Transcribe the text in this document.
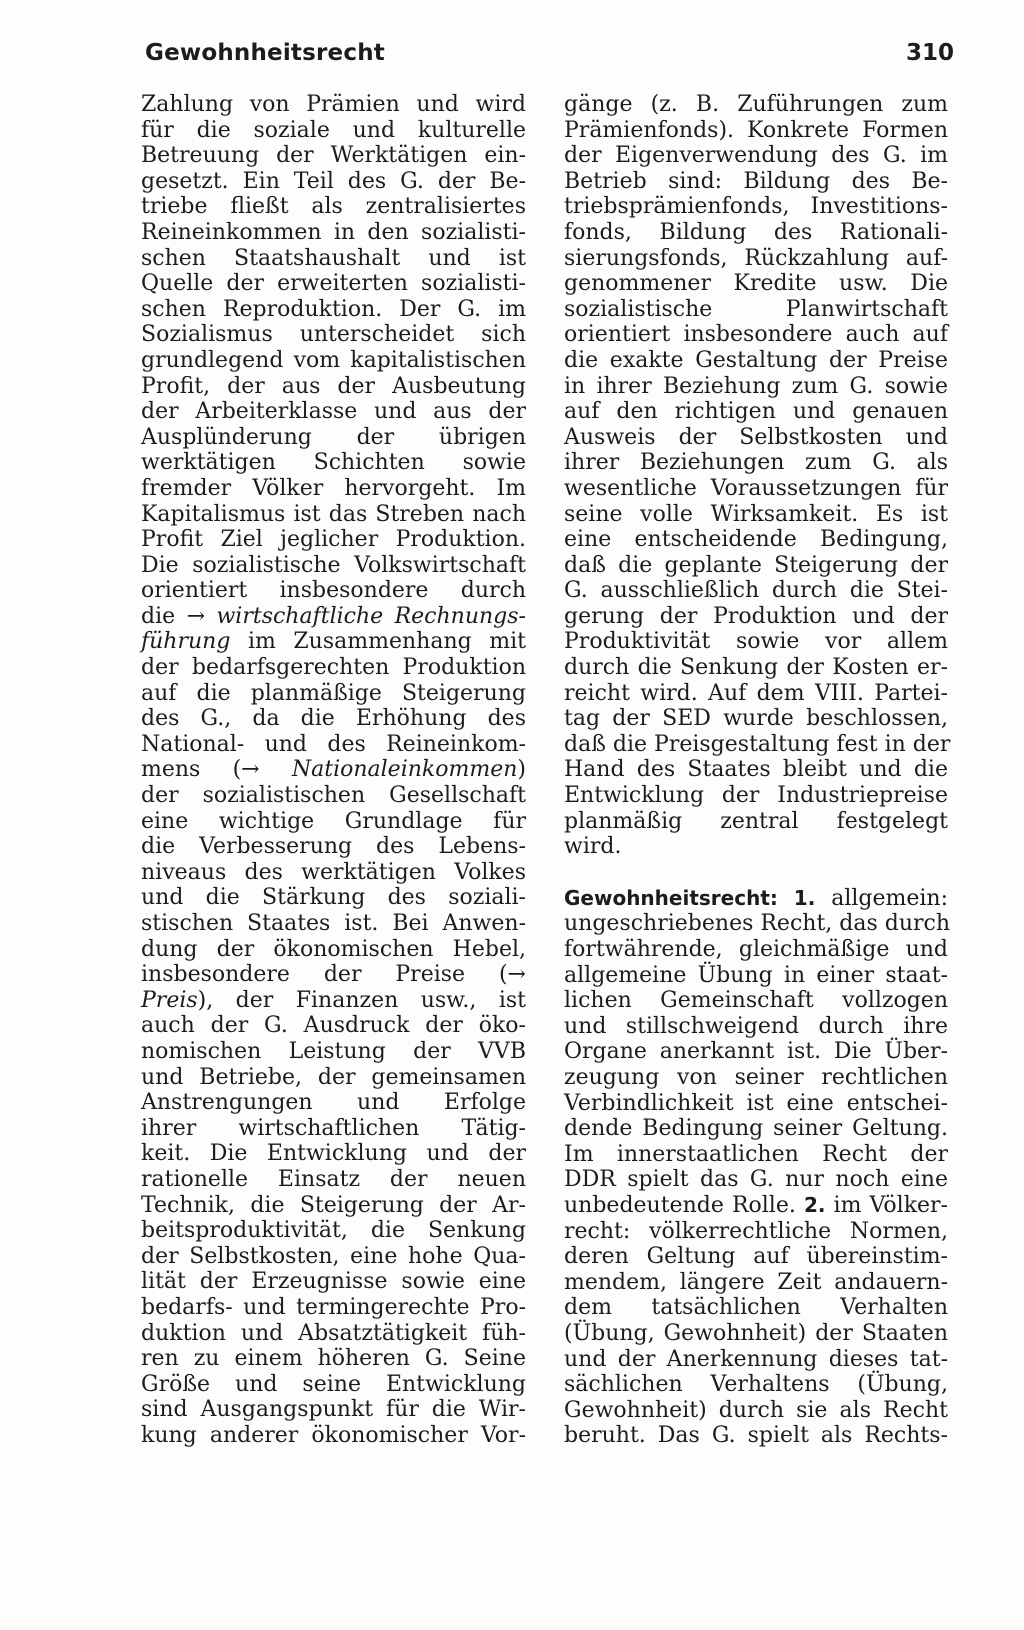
Gewohnheitsrecht	310
Zahlung von Prämien und wird
für die soziale und kulturelle
Betreuung der Werktätigen ein-
gesetzt. Ein Teil des G. der Be-
triebe fließt als zentralisiertes
Reineinkommen in den sozialisti-
schen Staatshaushalt und ist
Quelle der erweiterten sozialisti-
schen Reproduktion. Der G. im
Sozialismus unterscheidet sich
grundlegend vom kapitalistischen
Profit, der aus der Ausbeutung
der Arbeiterklasse und aus der
Ausplünderung der übrigen
werktätigen Schichten sowie
fremder Völker hervorgeht. Im
Kapitalismus ist das Streben nach
Profit Ziel jeglicher Produktion.
Die sozialistische Volkswirtschaft
orientiert insbesondere durch
die → wirtschaftliche Rechnungs-
führung im Zusammenhang mit
der bedarfsgerechten Produktion
auf die planmäßige Steigerung
des G., da die Erhöhung des
National- und des Reineinkom-
mens (→ Nationaleinkommen)
der sozialistischen Gesellschaft
eine wichtige Grundlage für
die Verbesserung des Lebens-
niveaus des werktätigen Volkes
und die Stärkung des soziali-
stischen Staates ist. Bei Anwen-
dung der ökonomischen Hebel,
insbesondere der Preise (→
Preis), der Finanzen usw., ist
auch der G. Ausdruck der öko-
nomischen Leistung der VVB
und Betriebe, der gemeinsamen
Anstrengungen und Erfolge
ihrer wirtschaftlichen Tätig-
keit. Die Entwicklung und der
rationelle Einsatz der neuen
Technik, die Steigerung der Ar-
beitsproduktivität, die Senkung
der Selbstkosten, eine hohe Qua-
lität der Erzeugnisse sowie eine
bedarfs- und termingerechte Pro-
duktion und Absatztätigkeit füh-
ren zu einem höheren G. Seine
Größe und seine Entwicklung
sind Ausgangspunkt für die Wir-
kung anderer ökonomischer Vor-
gänge (z. B. Zuführungen zum
Prämienfonds). Konkrete Formen
der Eigenverwendung des G. im
Betrieb sind: Bildung des Be-
triebsprämienfonds, Investitions-
fonds, Bildung des Rationali-
sierungsfonds, Rückzahlung auf-
genommener Kredite usw. Die
sozialistische Planwirtschaft
orientiert insbesondere auch auf
die exakte Gestaltung der Preise
in ihrer Beziehung zum G. sowie
auf den richtigen und genauen
Ausweis der Selbstkosten und
ihrer Beziehungen zum G. als
wesentliche Voraussetzungen für
seine volle Wirksamkeit. Es ist
eine entscheidende Bedingung,
daß die geplante Steigerung der
G. ausschließlich durch die Stei-
gerung der Produktion und der
Produktivität sowie vor allem
durch die Senkung der Kosten er-
reicht wird. Auf dem VIII. Partei-
tag der SED wurde beschlossen,
daß die Preisgestaltung fest in der
Hand des Staates bleibt und die
Entwicklung der Industriepreise
planmäßig zentral festgelegt
wird.
Gewohnheitsrecht: 1. allgemein:
ungeschriebenes Recht, das durch
fortwährende, gleichmäßige und
allgemeine Übung in einer staat-
lichen Gemeinschaft vollzogen
und stillschweigend durch ihre
Organe anerkannt ist. Die Über-
zeugung von seiner rechtlichen
Verbindlichkeit ist eine entschei-
dende Bedingung seiner Geltung.
Im innerstaatlichen Recht der
DDR spielt das G. nur noch eine
unbedeutende Rolle. 2. im Völker-
recht: völkerrechtliche Normen,
deren Geltung auf übereinstim-
mendem, längere Zeit andauern-
dem tatsächlichen Verhalten
(Übung, Gewohnheit) der Staaten
und der Anerkennung dieses tat-
sächlichen Verhaltens (Übung,
Gewohnheit) durch sie als Recht
beruht. Das G. spielt als Rechts-
